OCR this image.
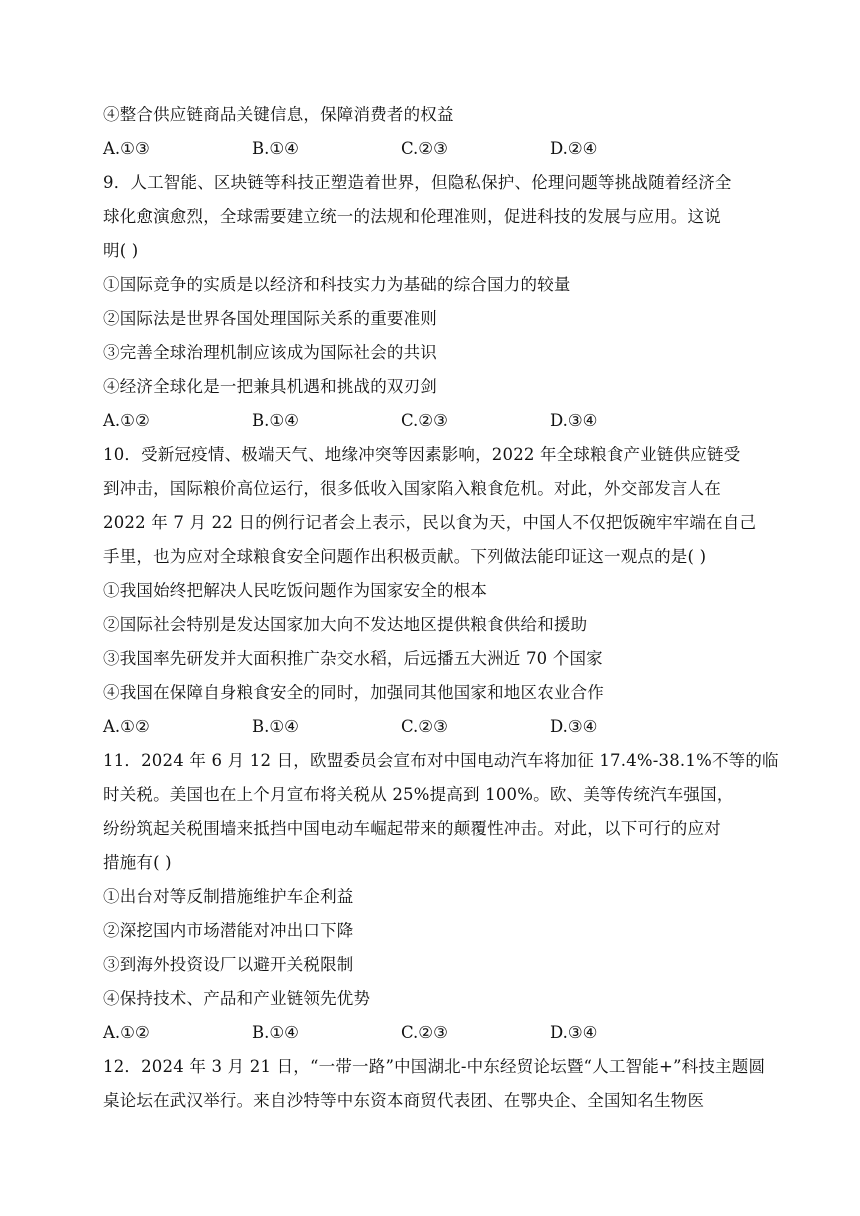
④整合供应链商品关键信息，保障消费者的权益
A.①③	B.①④	C.②③	D.②④
9．人工智能、区块链等科技正塑造着世界，但隐私保护、伦理问题等挑战随着经济全
球化愈演愈烈，全球需要建立统一的法规和伦理准则，促进科技的发展与应用。这说
明( )
①国际竞争的实质是以经济和科技实力为基础的综合国力的较量
②国际法是世界各国处理国际关系的重要准则
③完善全球治理机制应该成为国际社会的共识
④经济全球化是一把兼具机遇和挑战的双刃剑
A.①②	B.①④	C.②③	D.③④
10．受新冠疫情、极端天气、地缘冲突等因素影响，2022 年全球粮食产业链供应链受
到冲击，国际粮价高位运行，很多低收入国家陷入粮食危机。对此，外交部发言人在
2022 年 7 月 22 日的例行记者会上表示，民以食为天，中国人不仅把饭碗牢牢端在自己
手里，也为应对全球粮食安全问题作出积极贡献。下列做法能印证这一观点的是( )
①我国始终把解决人民吃饭问题作为国家安全的根本
②国际社会特别是发达国家加大向不发达地区提供粮食供给和援助
③我国率先研发并大面积推广杂交水稻，后远播五大洲近 70 个国家
④我国在保障自身粮食安全的同时，加强同其他国家和地区农业合作
A.①②	B.①④	C.②③	D.③④
11．2024 年 6 月 12 日，欧盟委员会宣布对中国电动汽车将加征 17.4%-38.1%不等的临
时关税。美国也在上个月宣布将关税从 25%提高到 100%。欧、美等传统汽车强国，
纷纷筑起关税围墙来抵挡中国电动车崛起带来的颠覆性冲击。对此，以下可行的应对
措施有( )
①出台对等反制措施维护车企利益
②深挖国内市场潜能对冲出口下降
③到海外投资设厂以避开关税限制
④保持技术、产品和产业链领先优势
A.①②	B.①④	C.②③	D.③④
12．2024 年 3 月 21 日，“一带一路”中国湖北-中东经贸论坛暨“人工智能+”科技主题圆
桌论坛在武汉举行。来自沙特等中东资本商贸代表团、在鄂央企、全国知名生物医
